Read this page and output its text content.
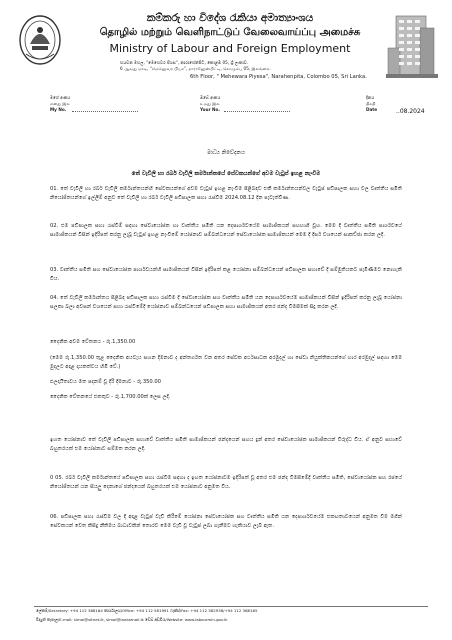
කම්කරු හා විදේශ රැකියා අමාත්‍යාංශය
தொழில் மற்றும் வெளிநாட்டுப் வேலைவாய்ப்பு அமைச்சு
Ministry of Labour and Foreign Employment
හයවන මහල, "මෙහෙවර පියස", නාරාහේන්පිට, කොළඹ 05, ශ්‍රී ලංකාව.
6 ஆவது மாடி, "மெஹெவர பியச", நாராஹேன்பிட்டி, கொழும்பு 05, இலங்கை.
6th Floor, " Mehewara Piyesa", Narahenpita, Colombo 05, Sri Lanka.
මගේ අංකය
எனது இல
My No.
ඔබේ අංකය
உமது இல
Your No.
දිනය
திகதி
Date	..08.2024
මාධ්‍ය නිවේදනය
තේ වැවිලි හා රබර් වැවිලි කර්මාන්තයේ සේවකයන්ගේ අවම වැටුප් ඉහළ නැංවීම
01. තේ වැවිලි හා රබර් වැවිලි කර්මාන්තයන්හි සේවකයන්ගේ අවම වැටුප් ඉහළ නැංවීම පිළිබඳව එකී කර්මාන්තයන්වල වැටුප් පඩිපාලක සභා වල වෘත්තීය සමිති නියෝජිතයන්ගේ ඉල්ලීම් අනුව තේ වැවිලි හා රබර් වැවිලි පඩිපාලක සභා රැස්වීම 2024.08.12 දින පැවැත්විණ.
02. එම පඩිපාලක සභා රැස්වීම් සඳහා සේවායෝජක හා වෘත්තීය සමිති යන දෙපාර්ශවයේම සාමාජිකයන් සහභාගී වූහ. මෙම දී වෘත්තීය සමිති පාර්ශවයේ සාමාජිකයන් විසින් ඉදිරිපත් කරනු ලැබූ වැටුප් ඉහළ නැංවීමේ යෝජනාව සම්බන්ධයෙන් සේවායෝජක සාමාජිකයන් මෙම දී දීර්ඝ වශයෙන් සාකච්ඡා කරන ලදී.
03. වෘත්තීය සමිති සහ සේවායෝජක පාර්ශවයන්හි සාමාජිකයන් විසින් ඉදිරිපත් කළ යෝජනා සම්බන්ධයෙන් පඩිපාලක සභාවේ දී සම්මුතියකට පැමිණීමට නොහැකි විය.
04. තේ වැවිලි කර්මාන්තය පිළිබඳ පඩිපාලක සභා රැස්වීම දී සේවායෝජක සහ වෘත්තීය සමිති යන දෙපාර්ශවයේම සාමාජිකයන් විසින් ඉදිරිපත් කරනු ලැබූ යෝජනා සලකා බලා අවසන් වශයෙන් සභා රැස්වීමේදී යෝජනාව සම්බන්ධයෙන් පඩිපාලක සභා සාමාජිකයන් අතර ඡන්ද විමසීමක් සිදු කරන ලදී.
දෛනික අවම වේතනය - රු.1,350.00
(මෙම රු.1,350.00 තුළ දෛනික අයවැය සහන දීමනාව ද අන්තර්ගත වන අතර සේවක අර්ථසාධක අරමුදල් හා සේවා නියුක්තිකයන්ගේ භාර අරමුදල් සඳහා මෙම මුදලට අදාළ දායකත්වය හිමි වේ.)
ඵලදායිතාවය මත පදනම් වූ දිරි දීමනාව - රු.350.00
දෛනික වේතනයේ එකතුව - රු.1,700.00ක් ලෙස ලදී.
ඉහත යෝජනාව තේ වැවිලි පඩිපාලක සභාවේ වෘත්තීය සමිති සාමාජිකයන් ඡන්දයෙන් සහය දුන් අතර සේවායෝජක සාමාජිකයන් විරුද්ධ විය. ඒ අනුව සභාවේ බහුතරයක් එම යෝජනාව සම්මත කරන ලදී.
0 05. රබර් වැවිලි කර්මාන්තයේ පඩිපාලක සභා රැස්වීම සඳහා ද ඉහත යෝජනාවම ඉදිරිපත් වූ අතර එම ඡන්ද විමසීමේදී වෘත්තීය සමිති, සේවායෝජක සහ රජයේ නියෝජිතයන් යන සියලු දෙනාගේ ඡන්දයෙන් බහුතරයක් එම යෝජනාව අනුමත විය.
06. පඩිපාලක සභා රැස්වීම වල දී අදාළ වැටුප් වැඩි කිරීමේ යෝජනා සේවායෝජක සහ වෘත්තීය සමිති යන දෙපාර්ශවයේම එකඟතාවයෙන් අනුමත වීම මගින් සේවකයන් වෙත කිසිදු නීතිමය බාධාවකින් තොරව මෙම වැඩි වූ වැටුප් ලබා ගැනීමට හැකියාව ලැබී ඇත.
ලේකම්/Secretary: +94 112 368164 කාර්යාලය/Office: +94 112 581991 ෆැක්ස්/Fax: +94 112 582938/+94 112 368165
විද්‍යුත් තැපෑල/E-mail: slmol@sltnet.lk, slmol@lankamail.lk වෙබ් අඩවිය/Website: www.labourmin.gov.lk
